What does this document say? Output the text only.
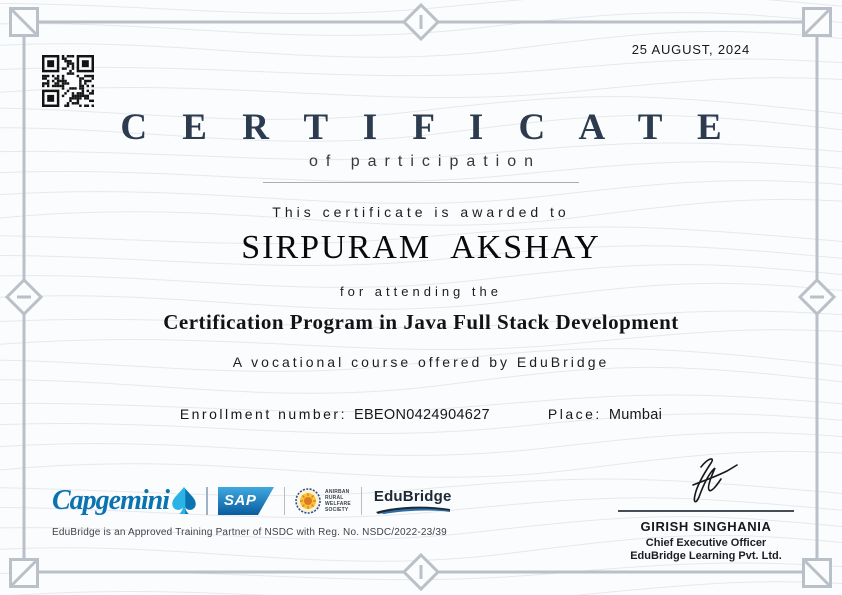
25 AUGUST, 2024
C E R T I F I C A T E
of participation
This certificate is awarded to
SIRPURAM  AKSHAY
for attending the
Certification Program in Java Full Stack Development
A vocational course offered by EduBridge
Enrollment number: EBEON0424904627	Place: Mumbai
Capgemini	SAP
ANIRBAN
RURAL
WELFARE
SOCIETY
EduBridge
EduBridge is an Approved Training Partner of NSDC with Reg. No. NSDC/2022-23/39	GIRISH SINGHANIA
Chief Executive Officer
EduBridge Learning Pvt. Ltd.
